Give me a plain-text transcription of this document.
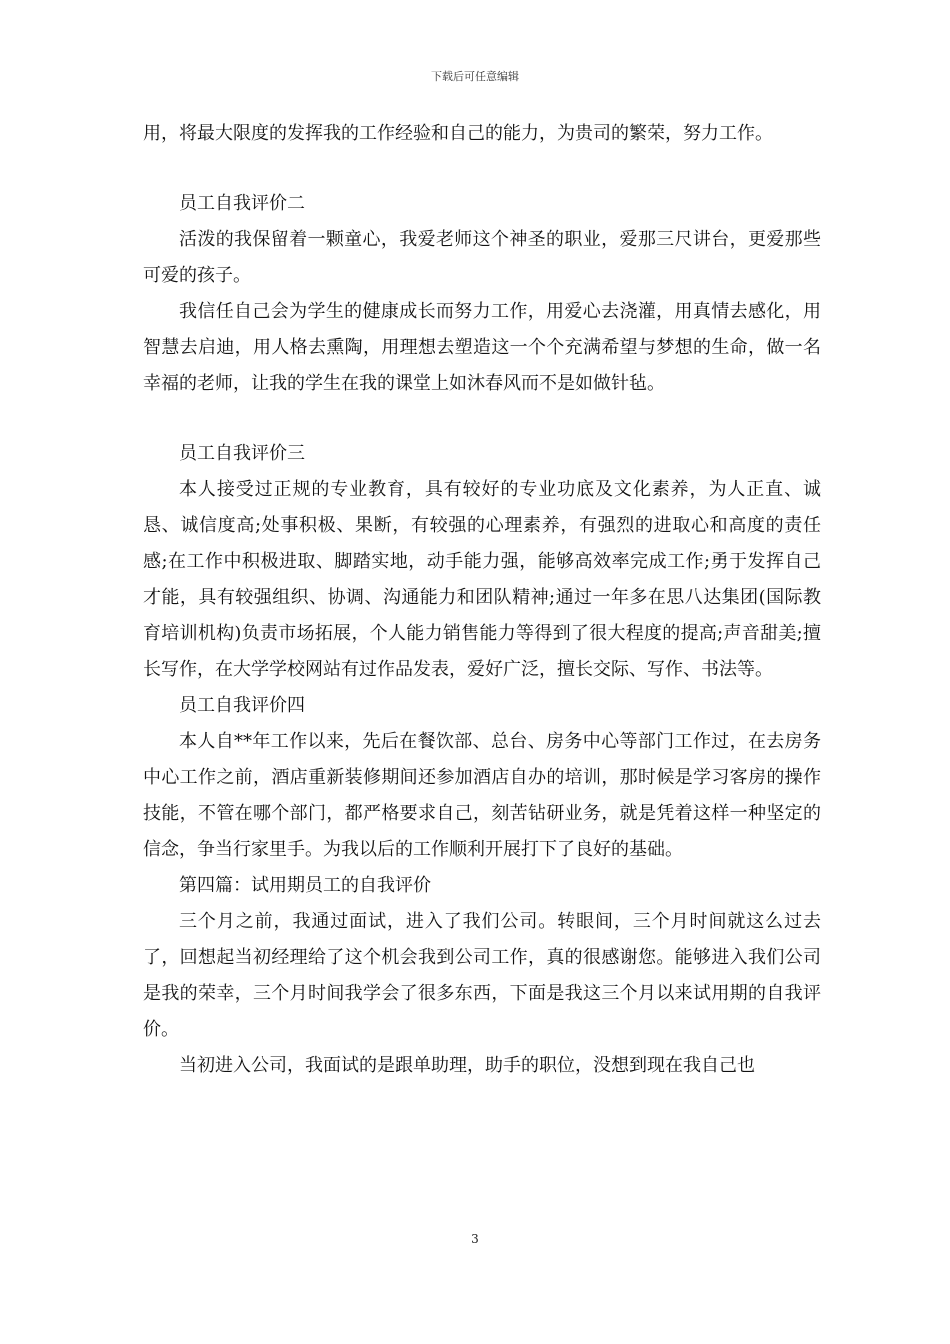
下载后可任意编辑

用，将最大限度的发挥我的工作经验和自己的能力，为贵司的繁荣，努力工作。

员工自我评价二

活泼的我保留着一颗童心，我爱老师这个神圣的职业，爱那三尺讲台，更爱那些可爱的孩子。

我信任自己会为学生的健康成长而努力工作，用爱心去浇灌，用真情去感化，用智慧去启迪，用人格去熏陶，用理想去塑造这一个个充满希望与梦想的生命，做一名幸福的老师，让我的学生在我的课堂上如沐春风而不是如做针毡。

员工自我评价三

本人接受过正规的专业教育，具有较好的专业功底及文化素养，为人正直、诚恳、诚信度高;处事积极、果断，有较强的心理素养，有强烈的进取心和高度的责任感;在工作中积极进取、脚踏实地，动手能力强，能够高效率完成工作;勇于发挥自己才能，具有较强组织、协调、沟通能力和团队精神;通过一年多在思八达集团(国际教育培训机构)负责市场拓展，个人能力销售能力等得到了很大程度的提高;声音甜美;擅长写作，在大学学校网站有过作品发表，爱好广泛，擅长交际、写作、书法等。

员工自我评价四

本人自**年工作以来，先后在餐饮部、总台、房务中心等部门工作过，在去房务中心工作之前，酒店重新装修期间还参加酒店自办的培训，那时候是学习客房的操作技能，不管在哪个部门，都严格要求自己，刻苦钻研业务，就是凭着这样一种坚定的信念，争当行家里手。为我以后的工作顺利开展打下了良好的基础。

第四篇：试用期员工的自我评价

三个月之前，我通过面试，进入了我们公司。转眼间，三个月时间就这么过去了，回想起当初经理给了这个机会我到公司工作，真的很感谢您。能够进入我们公司是我的荣幸，三个月时间我学会了很多东西，下面是我这三个月以来试用期的自我评价。

当初进入公司，我面试的是跟单助理，助手的职位，没想到现在我自己也

3
